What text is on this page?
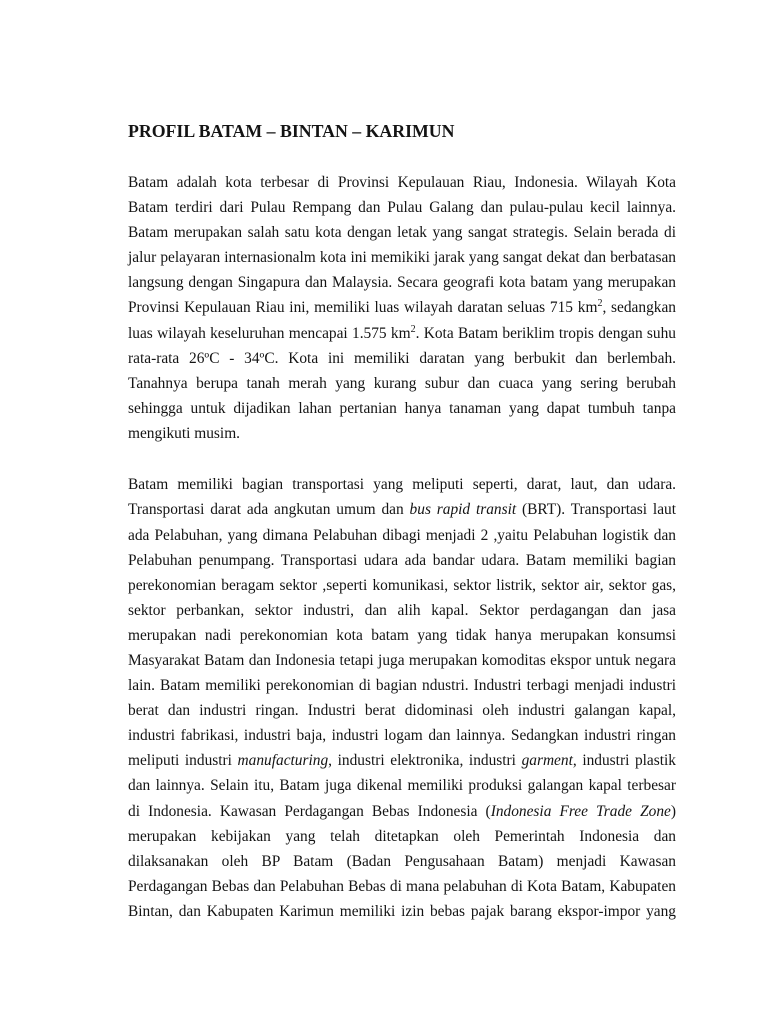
PROFIL BATAM – BINTAN – KARIMUN
Batam adalah kota terbesar di Provinsi Kepulauan Riau, Indonesia. Wilayah Kota
Batam terdiri dari Pulau Rempang dan Pulau Galang dan pulau-pulau kecil lainnya.
Batam merupakan salah satu kota dengan letak yang sangat strategis. Selain berada di
jalur pelayaran internasionalm kota ini memikiki jarak yang sangat dekat dan berbatasan
langsung dengan Singapura dan Malaysia. Secara geografi kota batam yang merupakan
Provinsi Kepulauan Riau ini, memiliki luas wilayah daratan seluas 715 $km^2$, sedangkan
luas wilayah keseluruhan mencapai 1.575 $km^2$. Kota Batam beriklim tropis dengan suhu
rata-rata 26ºC - 34ºC. Kota ini memiliki daratan yang berbukit dan berlembah.
Tanahnya berupa tanah merah yang kurang subur dan cuaca yang sering berubah
sehingga untuk dijadikan lahan pertanian hanya tanaman yang dapat tumbuh tanpa
mengikuti musim.
Batam memiliki bagian transportasi yang meliputi seperti, darat, laut, dan udara.
Transportasi darat ada angkutan umum dan bus rapid transit (BRT). Transportasi laut
ada Pelabuhan, yang dimana Pelabuhan dibagi menjadi 2 ,yaitu Pelabuhan logistik dan
Pelabuhan penumpang. Transportasi udara ada bandar udara. Batam memiliki bagian
perekonomian beragam sektor ,seperti komunikasi, sektor listrik, sektor air, sektor gas,
sektor perbankan, sektor industri, dan alih kapal. Sektor perdagangan dan jasa
merupakan nadi perekonomian kota batam yang tidak hanya merupakan konsumsi
Masyarakat Batam dan Indonesia tetapi juga merupakan komoditas ekspor untuk negara
lain. Batam memiliki perekonomian di bagian ndustri. Industri terbagi menjadi industri
berat dan industri ringan. Industri berat didominasi oleh industri galangan kapal,
industri fabrikasi, industri baja, industri logam dan lainnya. Sedangkan industri ringan
meliputi industri manufacturing, industri elektronika, industri garment, industri plastik
dan lainnya. Selain itu, Batam juga dikenal memiliki produksi galangan kapal terbesar
di Indonesia. Kawasan Perdagangan Bebas Indonesia (Indonesia Free Trade Zone)
merupakan kebijakan yang telah ditetapkan oleh Pemerintah Indonesia dan
dilaksanakan oleh BP Batam (Badan Pengusahaan Batam) menjadi Kawasan
Perdagangan Bebas dan Pelabuhan Bebas di mana pelabuhan di Kota Batam, Kabupaten
Bintan, dan Kabupaten Karimun memiliki izin bebas pajak barang ekspor-impor yang
